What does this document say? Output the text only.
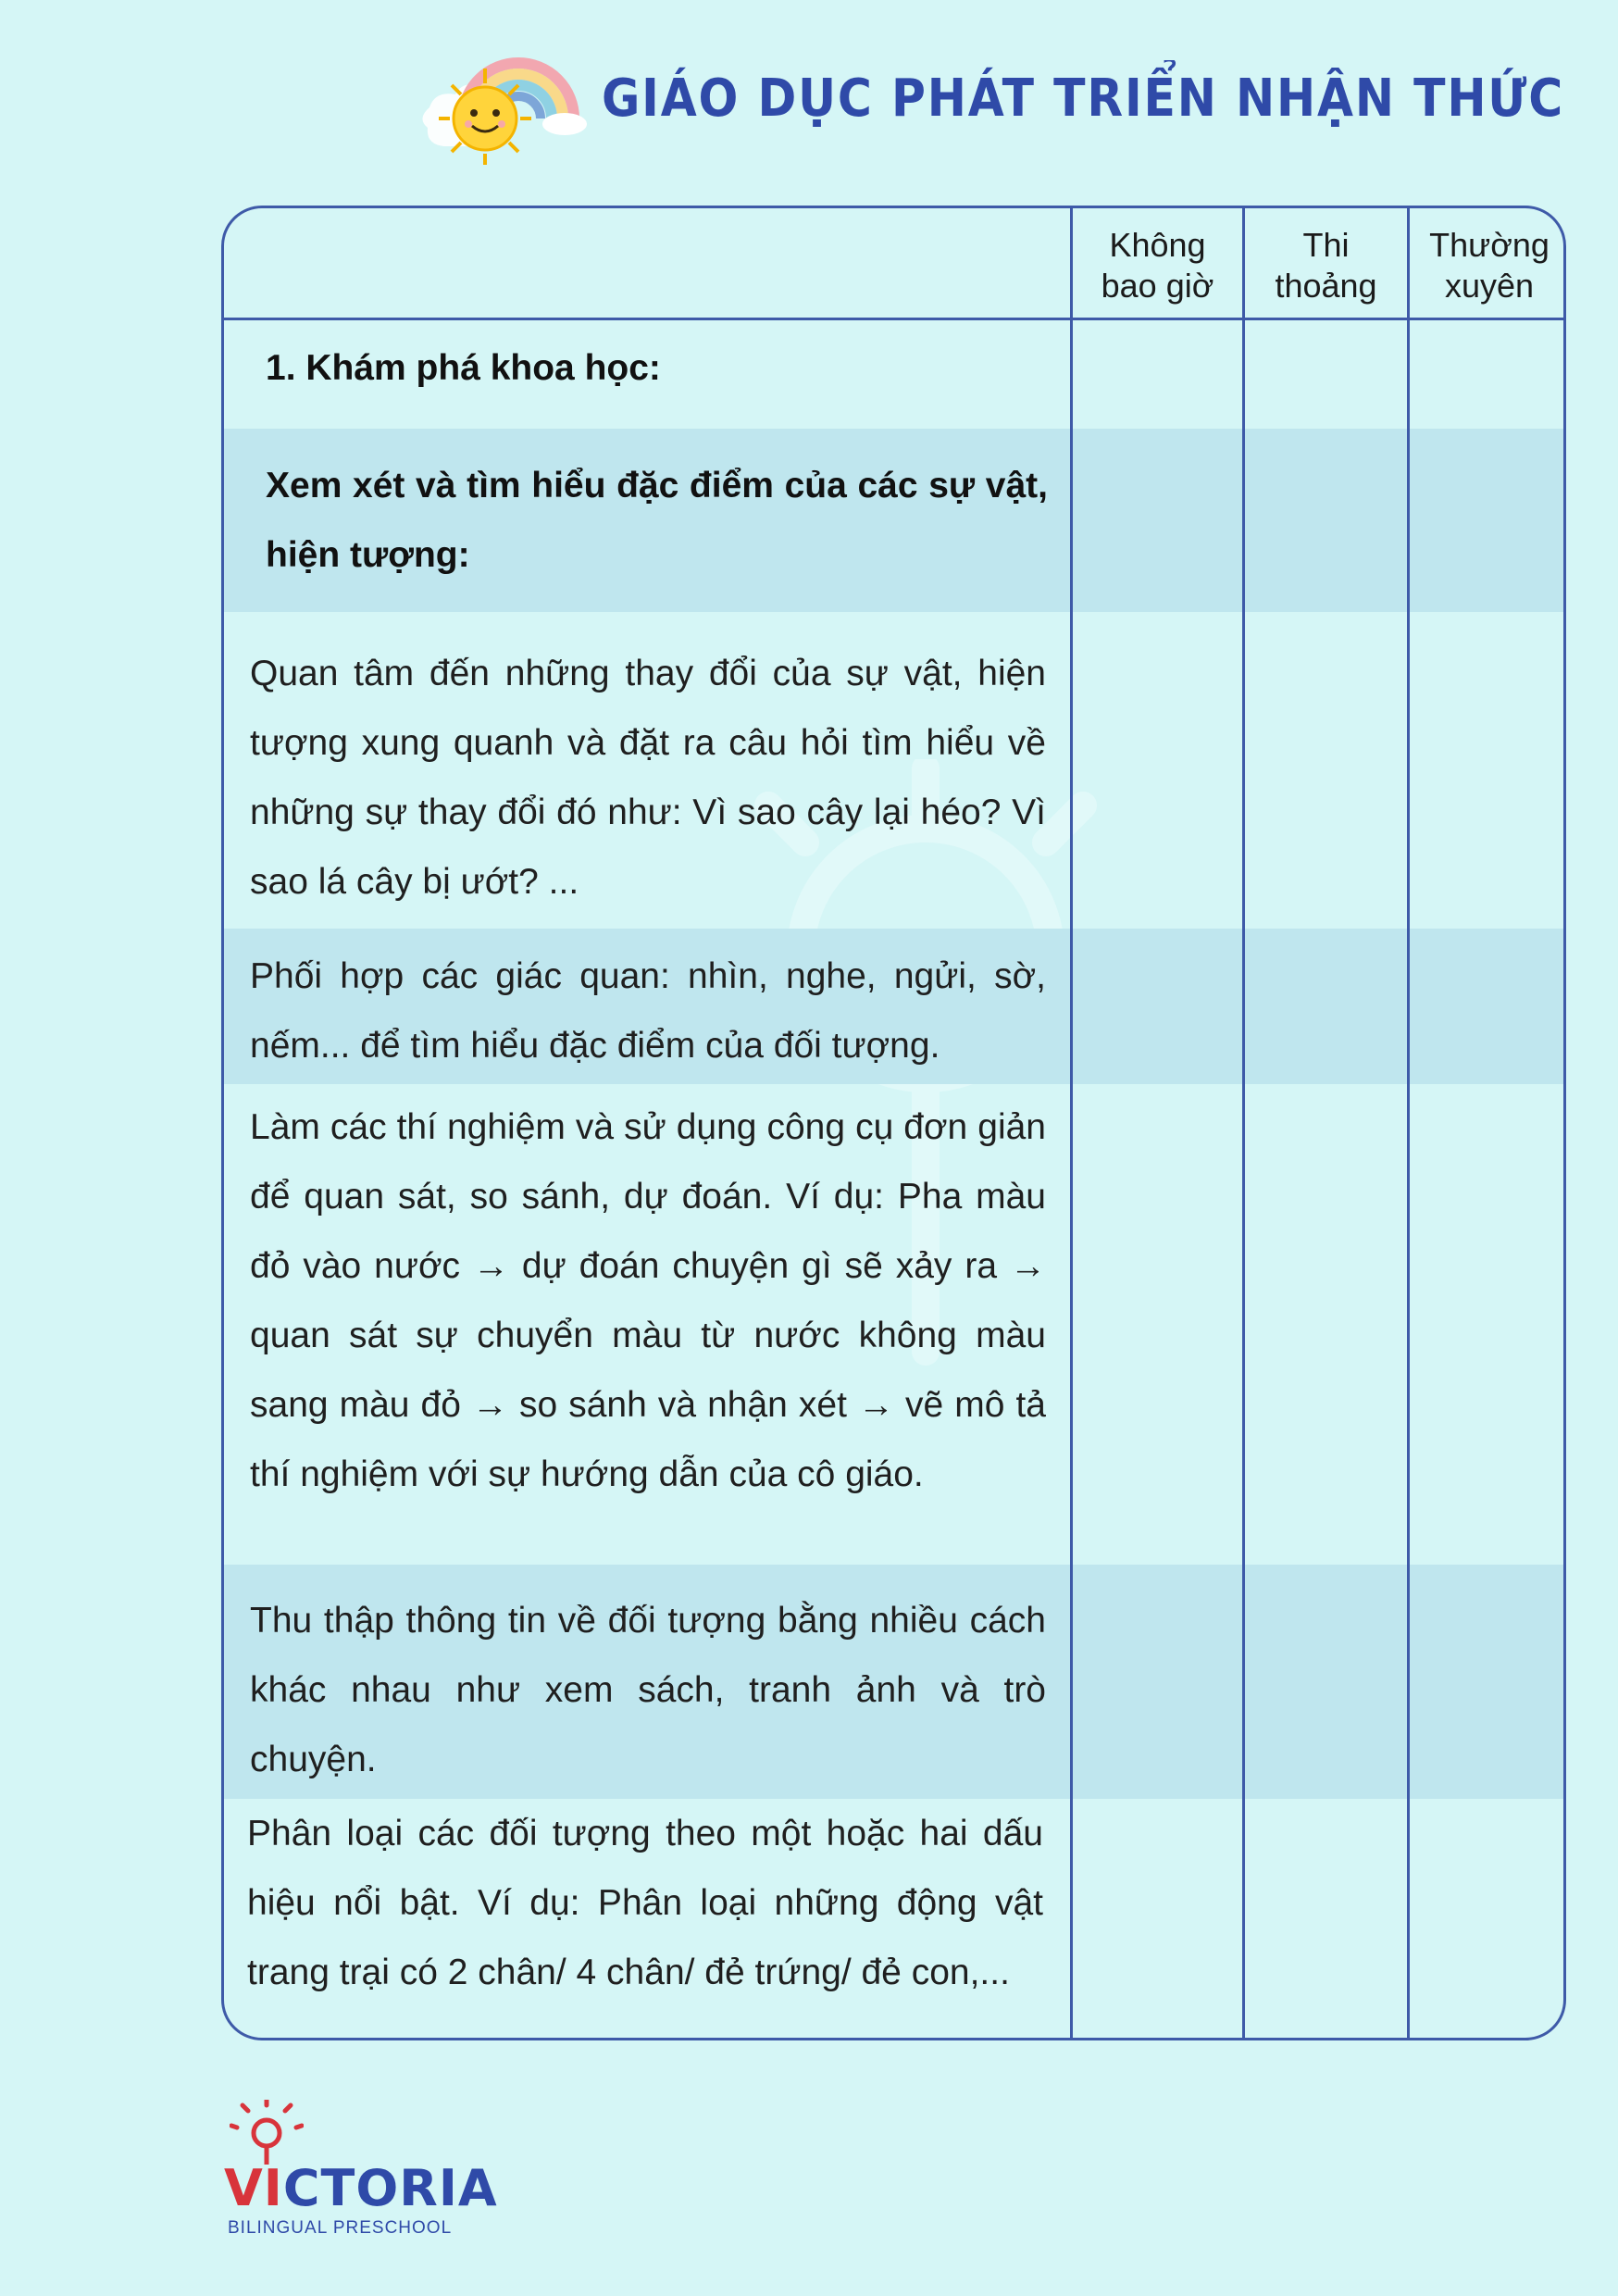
GIÁO DỤC PHÁT TRIỂN NHẬN THỨC
Không
bao giờ
Thi
thoảng
Thường
xuyên
1. Khám phá khoa học:
Xem xét và tìm hiểu đặc điểm của các sự vật, hiện tượng:
Quan tâm đến những thay đổi của sự vật, hiện tượng xung quanh và đặt ra câu hỏi tìm hiểu về những sự thay đổi đó như: Vì sao cây lại héo? Vì sao lá cây bị ướt? ...
Phối hợp các giác quan: nhìn, nghe, ngửi, sờ, nếm... để tìm hiểu đặc điểm của đối tượng.
Làm các thí nghiệm và sử dụng công cụ đơn giản để quan sát, so sánh, dự đoán. Ví dụ: Pha màu đỏ vào nước → dự đoán chuyện gì sẽ xảy ra → quan sát sự chuyển màu từ nước không màu sang màu đỏ → so sánh và nhận xét → vẽ mô tả thí nghiệm với sự hướng dẫn của cô giáo.
Thu thập thông tin về đối tượng bằng nhiều cách khác nhau như xem sách, tranh ảnh và trò chuyện.
Phân loại các đối tượng theo một hoặc hai dấu hiệu nổi bật. Ví dụ: Phân loại những động vật trang trại có 2 chân/ 4 chân/ đẻ trứng/ đẻ con,...
VICTORIA
BILINGUAL PRESCHOOL
